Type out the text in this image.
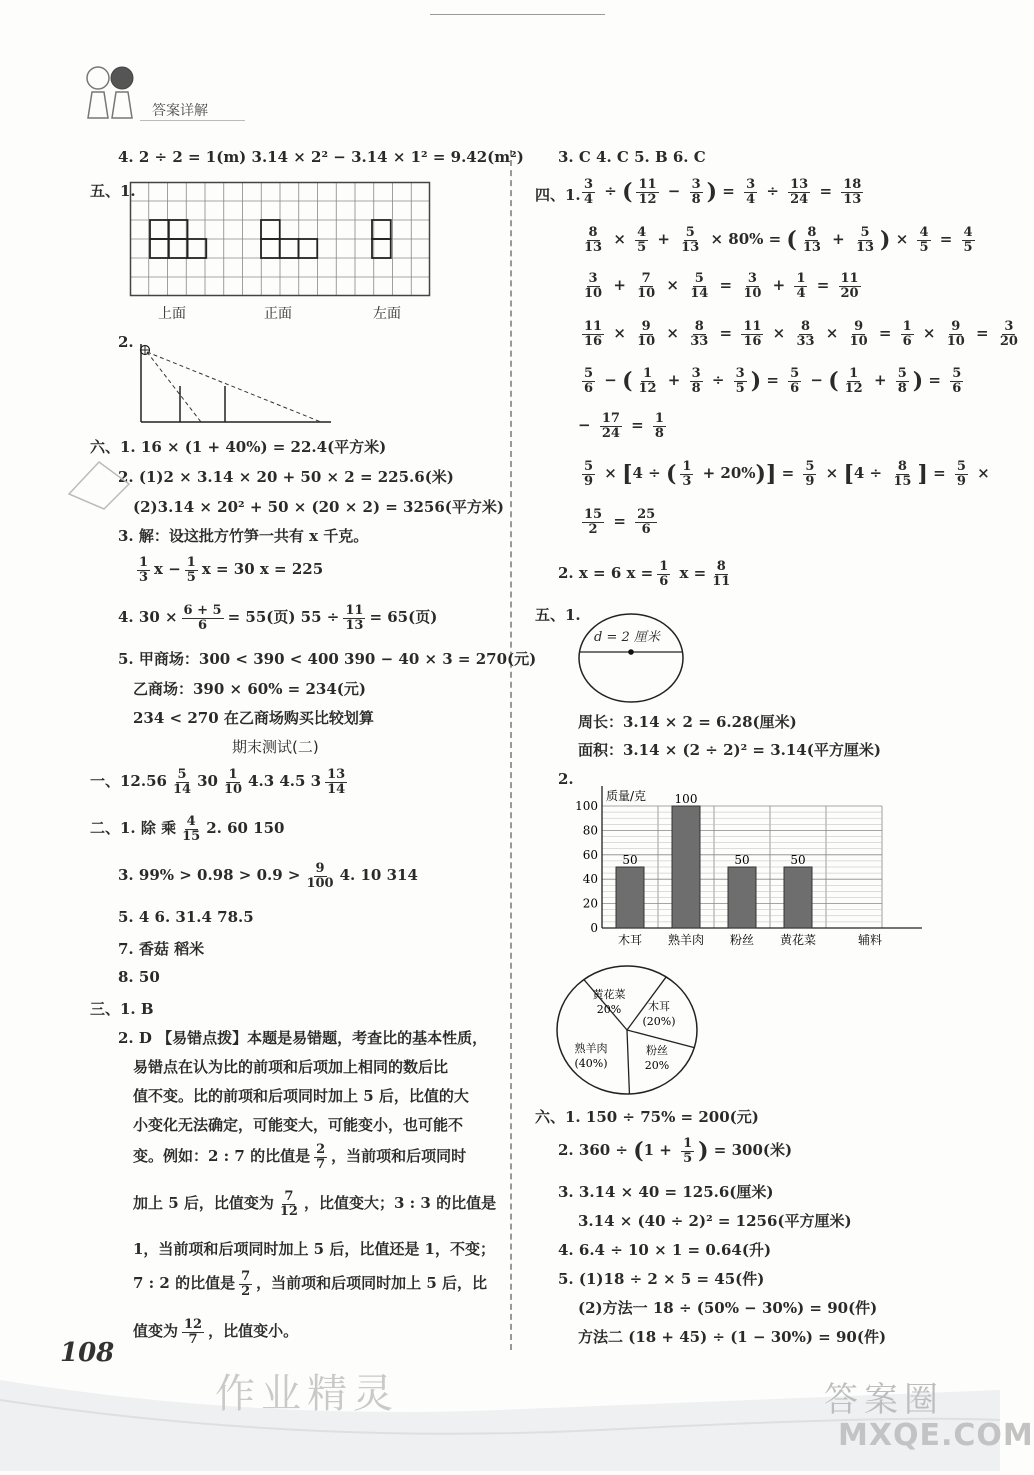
答案详解
4. 2 ÷ 2 = 1(m) 3.14 × 2² − 3.14 × 1² = 9.42(m²)
五、1.
上面	正面	左面
2.
六、1. 16 × (1 + 40%) = 22.4(平方米)
2. (1)2 × 3.14 × 20 + 50 × 2 = 225.6(米)
(2)3.14 × 20² + 50 × (20 × 2) = 3256(平方米)
3. 解：设这批方竹笋一共有 x 千克。
$\frac{1}{3}$ $x - \frac{1}{5}$ x = 30 x = 225
4. $30 \times \frac{6 + 5}{6} = 55$(页) $55 \div \frac{11}{13} = 65$(页)
5. 甲商场：300 < 390 < 400 390 − 40 × 3 = 270(元)
乙商场：390 × 60% = 234(元)
234 < 270 在乙商场购买比较划算
期末测试(二)
一、$12.56 \frac{5}{14} 30 \frac{1}{10} 4.3$ 4.5 $3 \frac{13}{14}$
二、1. 除 乘 $\frac{4}{15} 2$. 60 150
3. $99\% > 0.98 > 0.9 > \frac{9}{100} 4$. 10 314
5. 4 6. 31.4 78.5
7. 香菇 稻米
8. 50
三、1. B
2. D 【易错点拨】本题是易错题，考查比的基本性质，
易错点在认为比的前项和后项加上相同的数后比
值不变。比的前项和后项同时加上 5 后，比值的大
小变化无法确定，可能变大，可能变小，也可能不
变。例如：2 : 7 的比值是 $\frac{2}{7}$ ，当前项和后项同时
加上 5 后，比值变为 $\frac{7}{12}$ ，比值变大；3 : 3 的比值是
1，当前项和后项同时加上 5 后，比值还是 1，不变；
7 : 2 的比值是 $\frac{7}{2}$ ，当前项和后项同时加上 5 后，比
值变为 $\frac{12}{7}$ ，比值变小。
3. C 4. C 5. B 6. C
四、1. $\frac{3}{4}$ ÷ ( $\frac{11}{12} - \frac{3}{8}$ ) = $\frac{3}{4} \div \frac{13}{24} = \frac{18}{13}$
$\frac{8}{13} \times \frac{4}{5} + \frac{5}{13} \times 80\%$ = ( $\frac{8}{13} + \frac{5}{13}$ ) × $\frac{4}{5} = \frac{4}{5}$
$\frac{3}{10} + \frac{7}{10} \times \frac{5}{14} = \frac{3}{10} + \frac{1}{4} = \frac{11}{20}$
$\frac{11}{16} \times \frac{9}{10} \times \frac{8}{33} = \frac{11}{16} \times \frac{8}{33} \times \frac{9}{10} = \frac{1}{6} \times \frac{9}{10} = \frac{3}{20}$
$\frac{5}{6}$ − ( $\frac{1}{12} + \frac{3}{8} \div \frac{3}{5}$ ) = $\frac{5}{6}$ − ( $\frac{1}{12} + \frac{5}{8}$ ) = $\frac{5}{6}$
− $\frac{17}{24} = \frac{1}{8}$
$\frac{5}{9} \times [4$ ÷ ( $\frac{1}{3} + 20\%)] = \frac{5}{9} \times [4 \div \frac{8}{15}$ ] = $\frac{5}{9}$ ×
$\frac{15}{2} = \frac{25}{6}$
2. x = 6 $x = \frac{1}{6}$ $x = \frac{8}{11}$
五、1.
d = 2 厘米
周长：3.14 × 2 = 6.28(厘米)
面积：3.14 × (2 ÷ 2)² = 3.14(平方厘米)
2.
0
20
40
60
80
100
质量/克
50
木耳
100
熟羊肉
50
粉丝
50
黄花菜	辅料
黄花菜
20% 木耳
(20%)
粉丝
20%
熟羊肉
(40%)
六、1. 150 ÷ 75% = 200(元)
2. $360 \div (1 + \frac{1}{5}$ ) = 300(米)
3. 3.14 × 40 = 125.6(厘米)
3.14 × (40 ÷ 2)² = 1256(平方厘米)
4. 6.4 ÷ 10 × 1 = 0.64(升)
5. (1)18 ÷ 2 × 5 = 45(件)
(2)方法一 18 ÷ (50% − 30%) = 90(件)
方法二 (18 + 45) ÷ (1 − 30%) = 90(件)
108
作业精灵	答案圈
MXQE.COM
